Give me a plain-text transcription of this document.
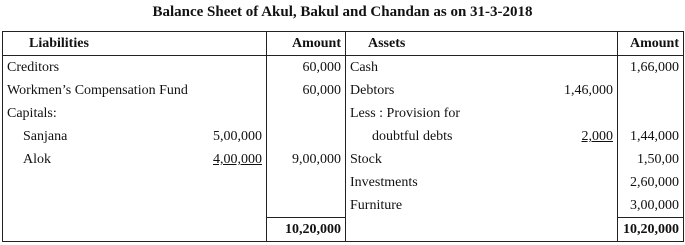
Balance Sheet of Akul, Bakul and Chandan as on 31-3-2018
Liabilities		Amount	Assets		Amount
Creditors		60,000	Cash		1,66,000
Workmen’s Compensation Fund		60,000	Debtors	1,46,000	
Capitals:			Less : Provision for		
Sanjana	5,00,000		doubtful debts	2,000	1,44,000
Alok	4,00,000	9,00,000	Stock		1,50,00
			Investments		2,60,000
			Furniture		3,00,000
		10,20,000			10,20,000
